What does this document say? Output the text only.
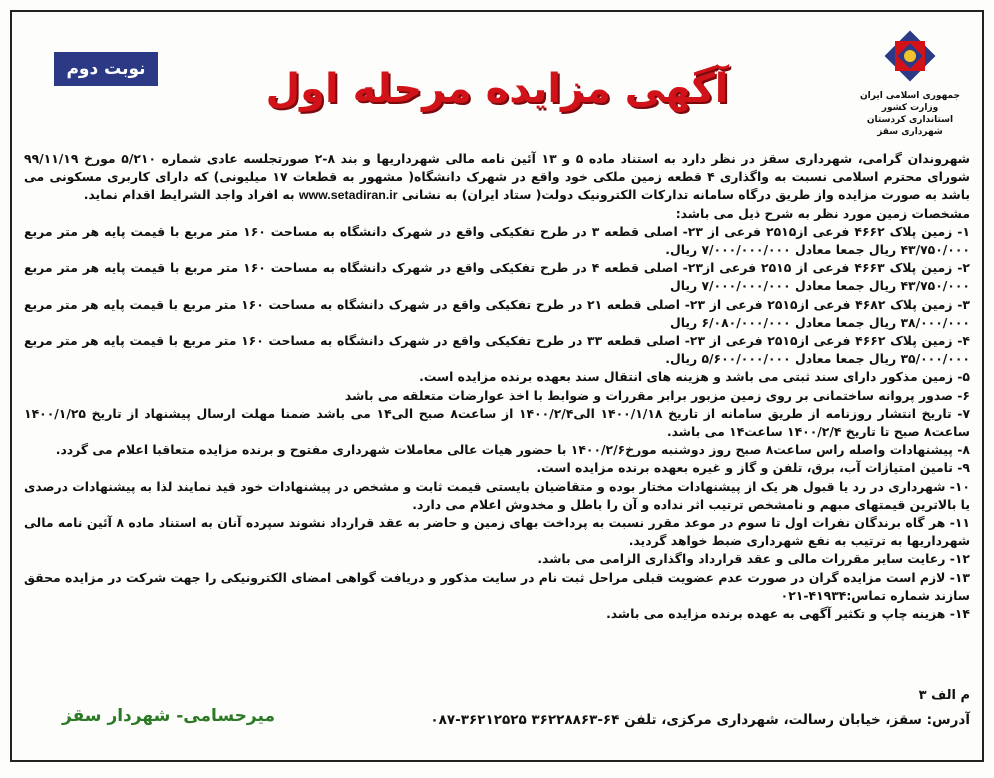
جمهوری اسلامی ایران
وزارت کشور
استانداری کردستان
شهرداری سقز
آگهی مزایده مرحله اول
نوبت دوم

شهروندان گرامی، شهرداری سقز در نظر دارد به استناد ماده ۵ و ۱۳ آئین نامه مالی شهرداریها و بند ۸-۲ صورتجلسه عادی شماره ۵/۲۱۰ مورخ ۹۹/۱۱/۱۹ شورای محترم اسلامی نسبت به واگذاری ۴ قطعه زمین ملکی خود واقع در شهرک دانشگاه( مشهور به قطعات ۱۷ میلیونی) که دارای کاربری مسکونی می باشد به صورت مزایده واز طریق درگاه سامانه تدارکات الکترونیک دولت( ستاد ایران) به نشانی www.setadiran.ir به افراد واجد الشرایط اقدام نماید.

مشخصات زمین مورد نظر به شرح ذیل می باشد:

۱- زمین پلاک ۴۶۶۲ فرعی از۲۵۱۵ فرعی از ۲۳- اصلی قطعه ۳ در طرح تفکیکی واقع در شهرک دانشگاه به مساحت ۱۶۰ متر مربع با قیمت پایه هر متر مربع ۴۳/۷۵۰/۰۰۰ ریال جمعا معادل ۷/۰۰۰/۰۰۰/۰۰۰ ریال.

۲- زمین پلاک ۴۶۶۳ فرعی از ۲۵۱۵ فرعی از۲۳- اصلی قطعه ۴ در طرح تفکیکی واقع در شهرک دانشگاه به مساحت ۱۶۰ متر مربع با قیمت پایه هر متر مربع ۴۳/۷۵۰/۰۰۰ ریال جمعا معادل ۷/۰۰۰/۰۰۰/۰۰۰ ریال

۳- زمین پلاک ۴۶۸۲ فرعی از۲۵۱۵ فرعی از ۲۳- اصلی قطعه ۲۱ در طرح تفکیکی واقع در شهرک دانشگاه به مساحت ۱۶۰ متر مربع با قیمت پایه هر متر مربع ۳۸/۰۰۰/۰۰۰ ریال جمعا معادل ۶/۰۸۰/۰۰۰/۰۰۰ ریال

۴- زمین پلاک ۴۶۶۲ فرعی از۲۵۱۵ فرعی از ۲۳- اصلی قطعه ۳۳ در طرح تفکیکی واقع در شهرک دانشگاه به مساحت ۱۶۰ متر مربع با قیمت پایه هر متر مربع ۳۵/۰۰۰/۰۰۰ ریال جمعا معادل ۵/۶۰۰/۰۰۰/۰۰۰ ریال.

۵- زمین مذکور دارای سند ثبتی می باشد و هزینه های انتقال سند بعهده برنده مزایده است.

۶- صدور پروانه ساختمانی بر روی زمین مزبور برابر مقررات و ضوابط با اخذ عوارضات متعلقه می باشد

۷- تاریخ انتشار روزنامه از طریق سامانه از تاریخ ۱۴۰۰/۱/۱۸ الی۱۴۰۰/۲/۴ از ساعت۸ صبح الی۱۴ می باشد ضمنا مهلت ارسال پیشنهاد از تاریخ ۱۴۰۰/۱/۲۵ ساعت۸ صبح تا تاریخ ۱۴۰۰/۲/۴ ساعت۱۴ می باشد.

۸- پیشنهادات واصله راس ساعت۸ صبح روز دوشنبه مورخ۱۴۰۰/۲/۶ با حضور هیات عالی معاملات شهرداری مفتوح و برنده مزایده متعاقبا اعلام می گردد.

۹- تامین امتیازات آب، برق، تلفن و گاز و غیره بعهده برنده مزایده است.

۱۰- شهرداری در رد یا قبول هر یک از پیشنهادات مختار بوده و متقاضیان بایستی قیمت ثابت و مشخص در پیشنهادات خود قید نمایند لذا به پیشنهادات درصدی یا بالاترین قیمتهای مبهم و نامشخص ترتیب اثر نداده و آن را باطل و مخدوش اعلام می دارد.

۱۱- هر گاه برندگان نفرات اول تا سوم در موعد مقرر نسبت به پرداخت بهای زمین و حاضر به عقد قرارداد نشوند سپرده آنان به استناد ماده ۸ آئین نامه مالی شهرداریها به ترتیب به نفع شهرداری ضبط خواهد گردید.

۱۲- رعایت سایر مقررات مالی و عقد قرارداد واگذاری الزامی می باشد.

۱۳- لازم است مزایده گران در صورت عدم عضویت قبلی مراحل ثبت نام در سایت مذکور و دریافت گواهی امضای الکترونیکی را جهت شرکت در مزایده محقق سازند شماره تماس:۴۱۹۳۴-۰۲۱

۱۴- هزینه چاپ و تکثیر آگهی به عهده برنده مزایده می باشد.

م الف ۳
آدرس: سقز، خیابان رسالت، شهرداری مرکزی، تلفن ۶۴-۳۶۲۲۸۸۶۳ ۳۶۲۱۲۵۲۵-۰۸۷
میرحسامی- شهردار سقز
